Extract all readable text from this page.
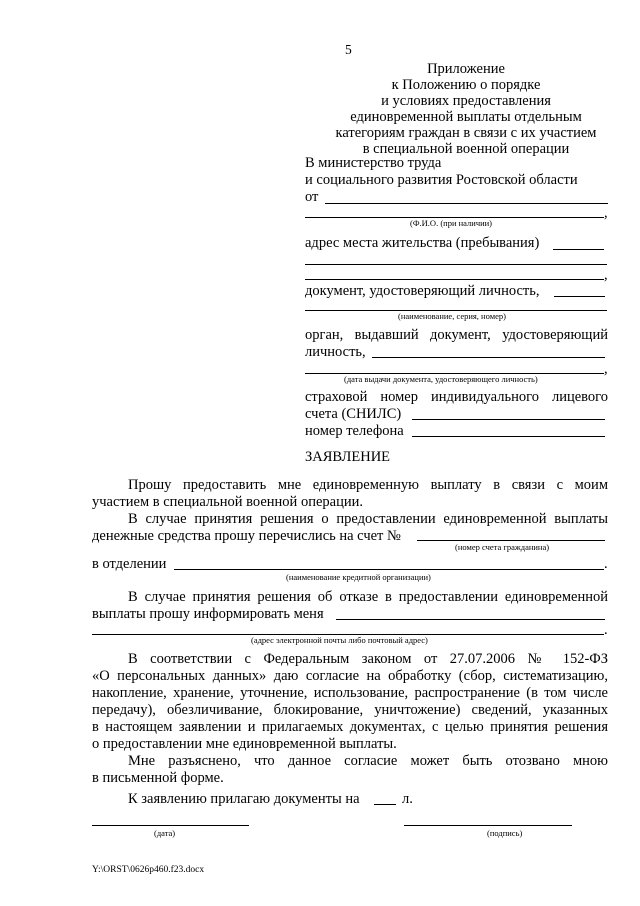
5
Приложение
к Положению о порядке
и условиях предоставления
единовременной выплаты отдельным
категориям граждан в связи с их участием
в специальной военной операции
В министерство труда
и социального развития Ростовской области
от
,
(Ф.И.О. (при наличии)
адрес места жительства (пребывания)
,
документ, удостоверяющий личность,
(наименование, серия, номер)
орган, выдавший документ, удостоверяющий
личность,
,
(дата выдачи документа, удостоверяющего личность)
страховой номер индивидуального лицевого
счета (СНИЛС)
номер телефона
ЗАЯВЛЕНИЕ
Прошу предоставить мне единовременную выплату в связи с моим
участием в специальной военной операции.
В случае принятия решения о предоставлении единовременной выплаты
денежные средства прошу перечислись на счет №
(номер счета гражданина)
в отделении	.
(наименование кредитной организации)
В случае принятия решения об отказе в предоставлении единовременной
выплаты прошу информировать меня
.
(адрес электронной почты либо почтовый адрес)
В соответствии с Федеральным законом от 27.07.2006 № 152-ФЗ
«О персональных данных» даю согласие на обработку (сбор, систематизацию,
накопление, хранение, уточнение, использование, распространение (в том числе
передачу), обезличивание, блокирование, уничтожение) сведений, указанных
в настоящем заявлении и прилагаемых документах, с целью принятия решения
о предоставлении мне единовременной выплаты.
Мне разъяснено, что данное согласие может быть отозвано мною
в письменной форме.
К заявлению прилагаю документы на	л.
(дата)	(подпись)
Y:\ORST\0626p460.f23.docx
